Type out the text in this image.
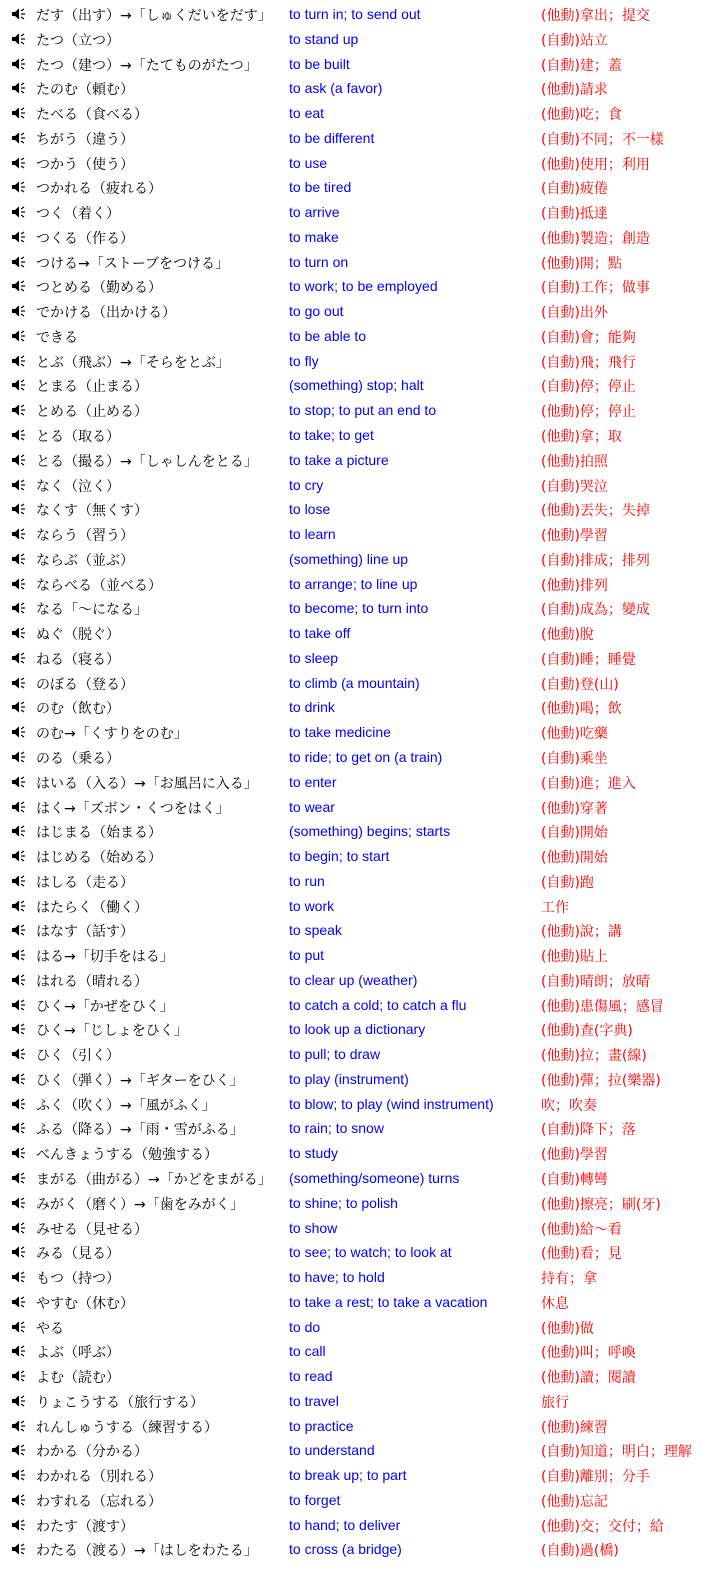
だす（出す）→「しゅくだいをだす」 to turn in; to send out	(他動)拿出；提交
たつ（立つ）	to stand up	(自動)站立
たつ（建つ）→「たてものがたつ」 to be built	(自動)建；蓋
たのむ（頼む）	to ask (a favor)	(他動)請求
たべる（食べる）	to eat	(他動)吃；食
ちがう（違う）	to be different	(自動)不同；不一樣
つかう（使う）	to use	(他動)使用；利用
つかれる（疲れる）	to be tired	(自動)疲倦
つく（着く）	to arrive	(自動)抵達
つくる（作る）	to make	(他動)製造；創造
つける→「ストーブをつける」	to turn on	(他動)開；點
つとめる（勤める）	to work; to be employed	(自動)工作；做事
でかける（出かける）	to go out	(自動)出外
できる	to be able to	(自動)會；能夠
とぶ（飛ぶ）→「そらをとぶ」	to fly	(自動)飛；飛行
とまる（止まる）	(something) stop; halt	(自動)停；停止
とめる（止める）	to stop; to put an end to	(他動)停；停止
とる（取る）	to take; to get	(他動)拿；取
とる（撮る）→「しゃしんをとる」 to take a picture	(他動)拍照
なく（泣く）	to cry	(自動)哭泣
なくす（無くす）	to lose	(他動)丟失；失掉
ならう（習う）	to learn	(他動)學習
ならぶ（並ぶ）	(something) line up	(自動)排成；排列
ならべる（並べる）	to arrange; to line up	(他動)排列
なる「～になる」	to become; to turn into	(自動)成為；變成
ぬぐ（脱ぐ）	to take off	(他動)脫
ねる（寝る）	to sleep	(自動)睡；睡覺
のぼる（登る）	to climb (a mountain)	(自動)登(山)
のむ（飲む）	to drink	(他動)喝；飲
のむ→「くすりをのむ」	to take medicine	(他動)吃藥
のる（乗る）	to ride; to get on (a train)	(自動)乘坐
はいる（入る）→「お風呂に入る」 to enter	(自動)進；進入
はく→「ズボン・くつをはく」	to wear	(他動)穿著
はじまる（始まる）	(something) begins; starts	(自動)開始
はじめる（始める）	to begin; to start	(他動)開始
はしる（走る）	to run	(自動)跑
はたらく（働く）	to work	工作
はなす（話す）	to speak	(他動)說；講
はる→「切手をはる」	to put	(他動)貼上
はれる（晴れる）	to clear up (weather)	(自動)晴朗；放晴
ひく→「かぜをひく」	to catch a cold; to catch a flu	(他動)患傷風；感冒
ひく→「じしょをひく」	to look up a dictionary	(他動)查(字典)
ひく（引く）	to pull; to draw	(他動)拉；畫(線)
ひく（弾く）→「ギターをひく」	to play (instrument)	(他動)彈；拉(樂器)
ふく（吹く）→「風がふく」	to blow; to play (wind instrument)	吹；吹奏
ふる（降る）→「雨・雪がふる」	to rain; to snow	(自動)降下；落
べんきょうする（勉強する）	to study	(他動)學習
まがる（曲がる）→「かどをまがる」 (something/someone) turns	(自動)轉彎
みがく（磨く）→「歯をみがく」	to shine; to polish	(他動)擦亮；刷(牙)
みせる（見せる）	to show	(他動)給～看
みる（見る）	to see; to watch; to look at	(他動)看；見
もつ（持つ）	to have; to hold	持有；拿
やすむ（休む）	to take a rest; to take a vacation	休息
やる	to do	(他動)做
よぶ（呼ぶ）	to call	(他動)叫；呼喚
よむ（読む）	to read	(他動)讀；閱讀
りょこうする（旅行する）	to travel	旅行
れんしゅうする（練習する）	to practice	(他動)練習
わかる（分かる）	to understand	(自動)知道；明白；理解
わかれる（別れる）	to break up; to part	(自動)離別；分手
わすれる（忘れる）	to forget	(他動)忘記
わたす（渡す）	to hand; to deliver	(他動)交；交付；給
わたる（渡る）→「はしをわたる」 to cross (a bridge)	(自動)過(橋)
